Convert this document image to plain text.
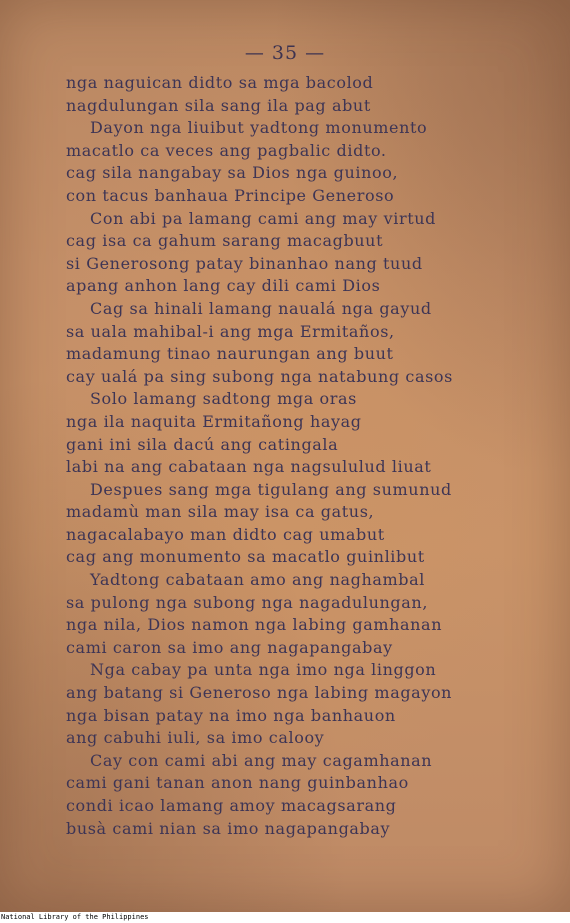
— 35 —
nga naguican didto sa mga bacolod
nagdulungan sila sang ila pag abut
Dayon nga liuibut yadtong monumento
macatlo ca veces ang pagbalic didto.
cag sila nangabay sa Dios nga guinoo,
con tacus banhaua Principe Generoso
Con abi pa lamang cami ang may virtud
cag isa ca gahum sarang macagbuut
si Generosong patay binanhao nang tuud
apang anhon lang cay dili cami Dios
Cag sa hinali lamang naualá nga gayud
sa uala mahibal-i ang mga Ermitaños,
madamung tinao naurungan ang buut
cay ualá pa sing subong nga natabung casos
Solo lamang sadtong mga oras
nga ila naquita Ermitañong hayag
gani ini sila dacú ang catingala
labi na ang cabataan nga nagsululud liuat
Despues sang mga tigulang ang sumunud
madamù man sila may isa ca gatus,
nagacalabayo man didto cag umabut
cag ang monumento sa macatlo guinlibut
Yadtong cabataan amo ang naghambal
sa pulong nga subong nga nagadulungan,
nga nila, Dios namon nga labing gamhanan
cami caron sa imo ang nagapangabay
Nga cabay pa unta nga imo nga linggon
ang batang si Generoso nga labing magayon
nga bisan patay na imo nga banhauon
ang cabuhi iuli, sa imo calooy
Cay con cami abi ang may cagamhanan
cami gani tanan anon nang guinbanhao
condi icao lamang amoy macagsarang
busà cami nian sa imo nagapangabay
National Library of the Philippines
